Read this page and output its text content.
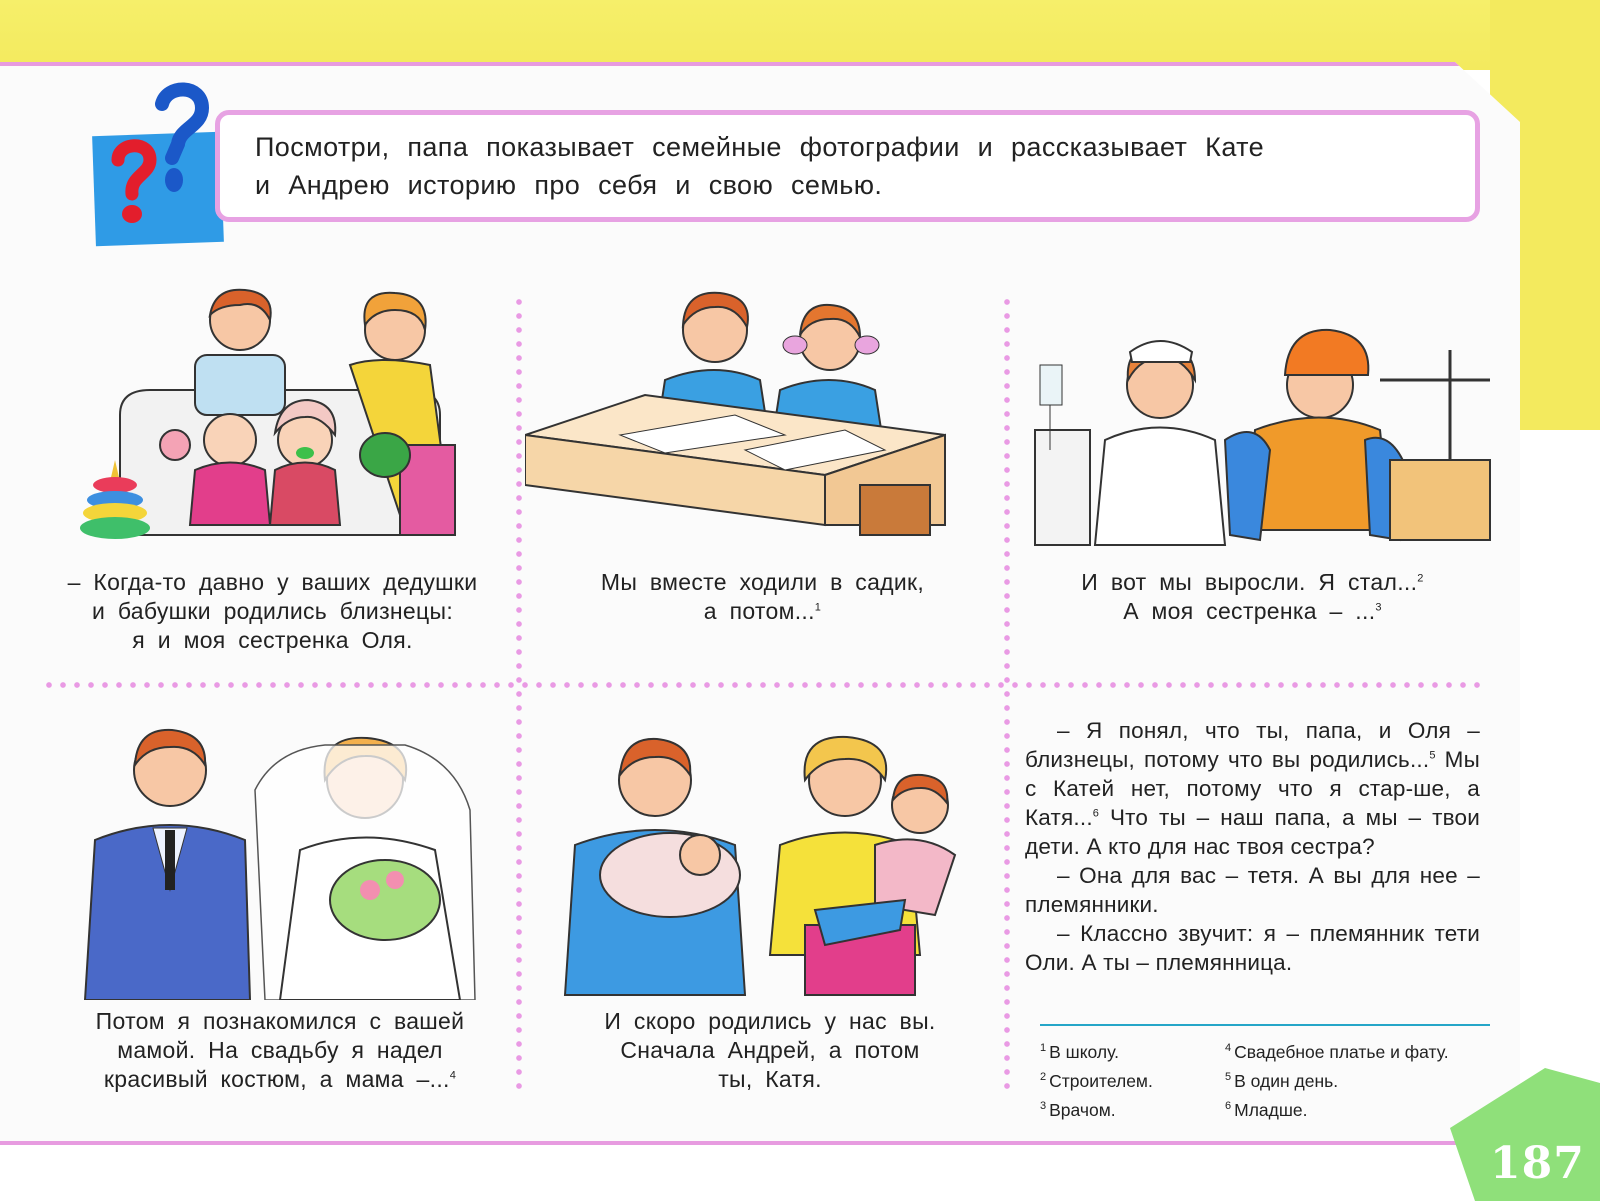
Посмотри, папа показывает семейные фотографии и рассказывает Кате
и Андрею историю про себя и свою семью.
– Когда-то давно у ваших дедушки
и бабушки родились близнецы:
я и моя сестренка Оля.
Мы вместе ходили в садик,
а потом...$^1$
И вот мы выросли. Я стал...$^2$
А моя сестренка – ...$^3$
Потом я познакомился с вашей
мамой. На свадьбу я надел
красивый костюм, а мама –...$^4$
И скоро родились у нас вы.
Сначала Андрей, а потом
ты, Катя.

– Я понял, что ты, папа, и Оля – близнецы, потому что вы родились...$^5$ Мы с Катей нет, потому что я стар-ше, а Катя...$^6$ Что ты – наш папа, а мы – твои дети. А кто для нас твоя сестра?

– Она для вас – тетя. А вы для нее – племянники.

– Классно звучит: я – племянник тети Оли. А ты – племянница.

$^1$ В школу.
$^2$ Строителем.
$^3$ Врачом.
$^4$ Свадебное платье и фату.
$^5$ В один день.
$^6$ Младше.
187
